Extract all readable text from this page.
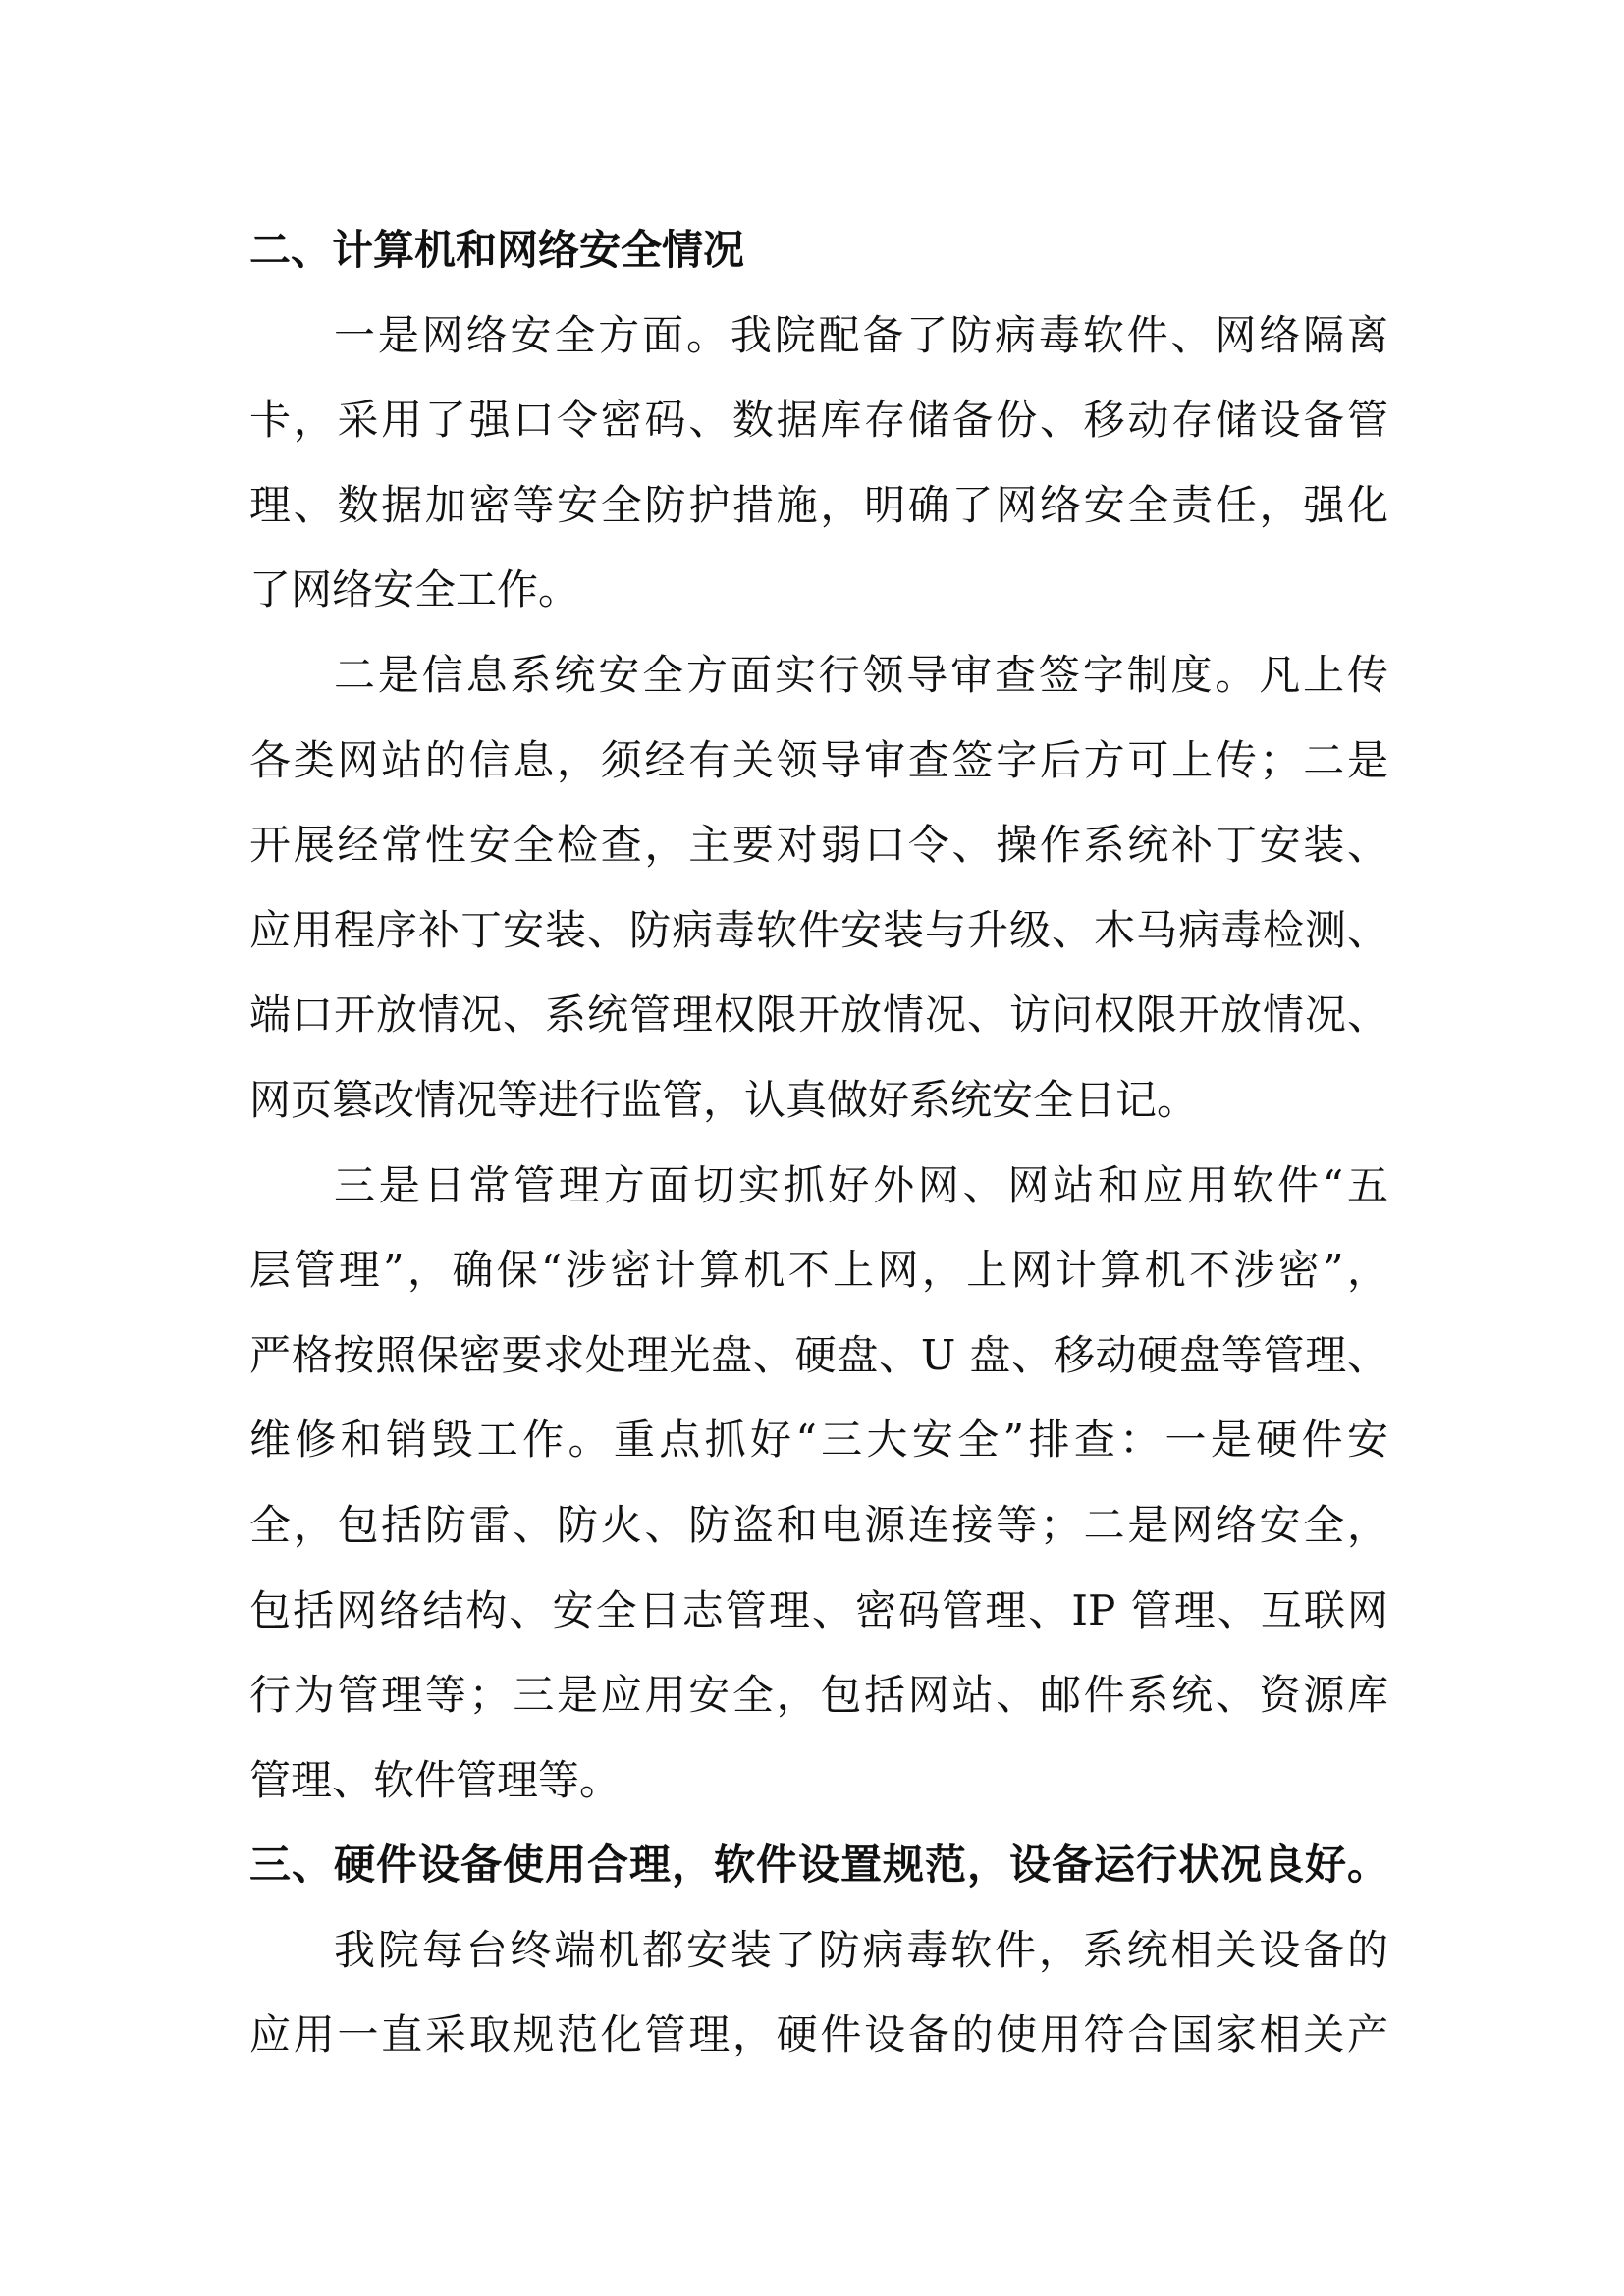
二、计算机和网络安全情况
一是网络安全方面。我院配备了防病毒软件、网络隔离
卡，采用了强口令密码、数据库存储备份、移动存储设备管
理、数据加密等安全防护措施，明确了网络安全责任，强化
了网络安全工作。
二是信息系统安全方面实行领导审查签字制度。凡上传
各类网站的信息，须经有关领导审查签字后方可上传；二是
开展经常性安全检查，主要对弱口令、操作系统补丁安装、
应用程序补丁安装、防病毒软件安装与升级、木马病毒检测、
端口开放情况、系统管理权限开放情况、访问权限开放情况、
网页篡改情况等进行监管，认真做好系统安全日记。
三是日常管理方面切实抓好外网、网站和应用软件“五
层管理”，确保“涉密计算机不上网，上网计算机不涉密”，
严格按照保密要求处理光盘、硬盘、U 盘、移动硬盘等管理、
维修和销毁工作。重点抓好“三大安全”排查：一是硬件安
全，包括防雷、防火、防盗和电源连接等；二是网络安全，
包括网络结构、安全日志管理、密码管理、IP 管理、互联网
行为管理等；三是应用安全，包括网站、邮件系统、资源库
管理、软件管理等。
三、硬件设备使用合理，软件设置规范，设备运行状况良好。
我院每台终端机都安装了防病毒软件，系统相关设备的
应用一直采取规范化管理，硬件设备的使用符合国家相关产
